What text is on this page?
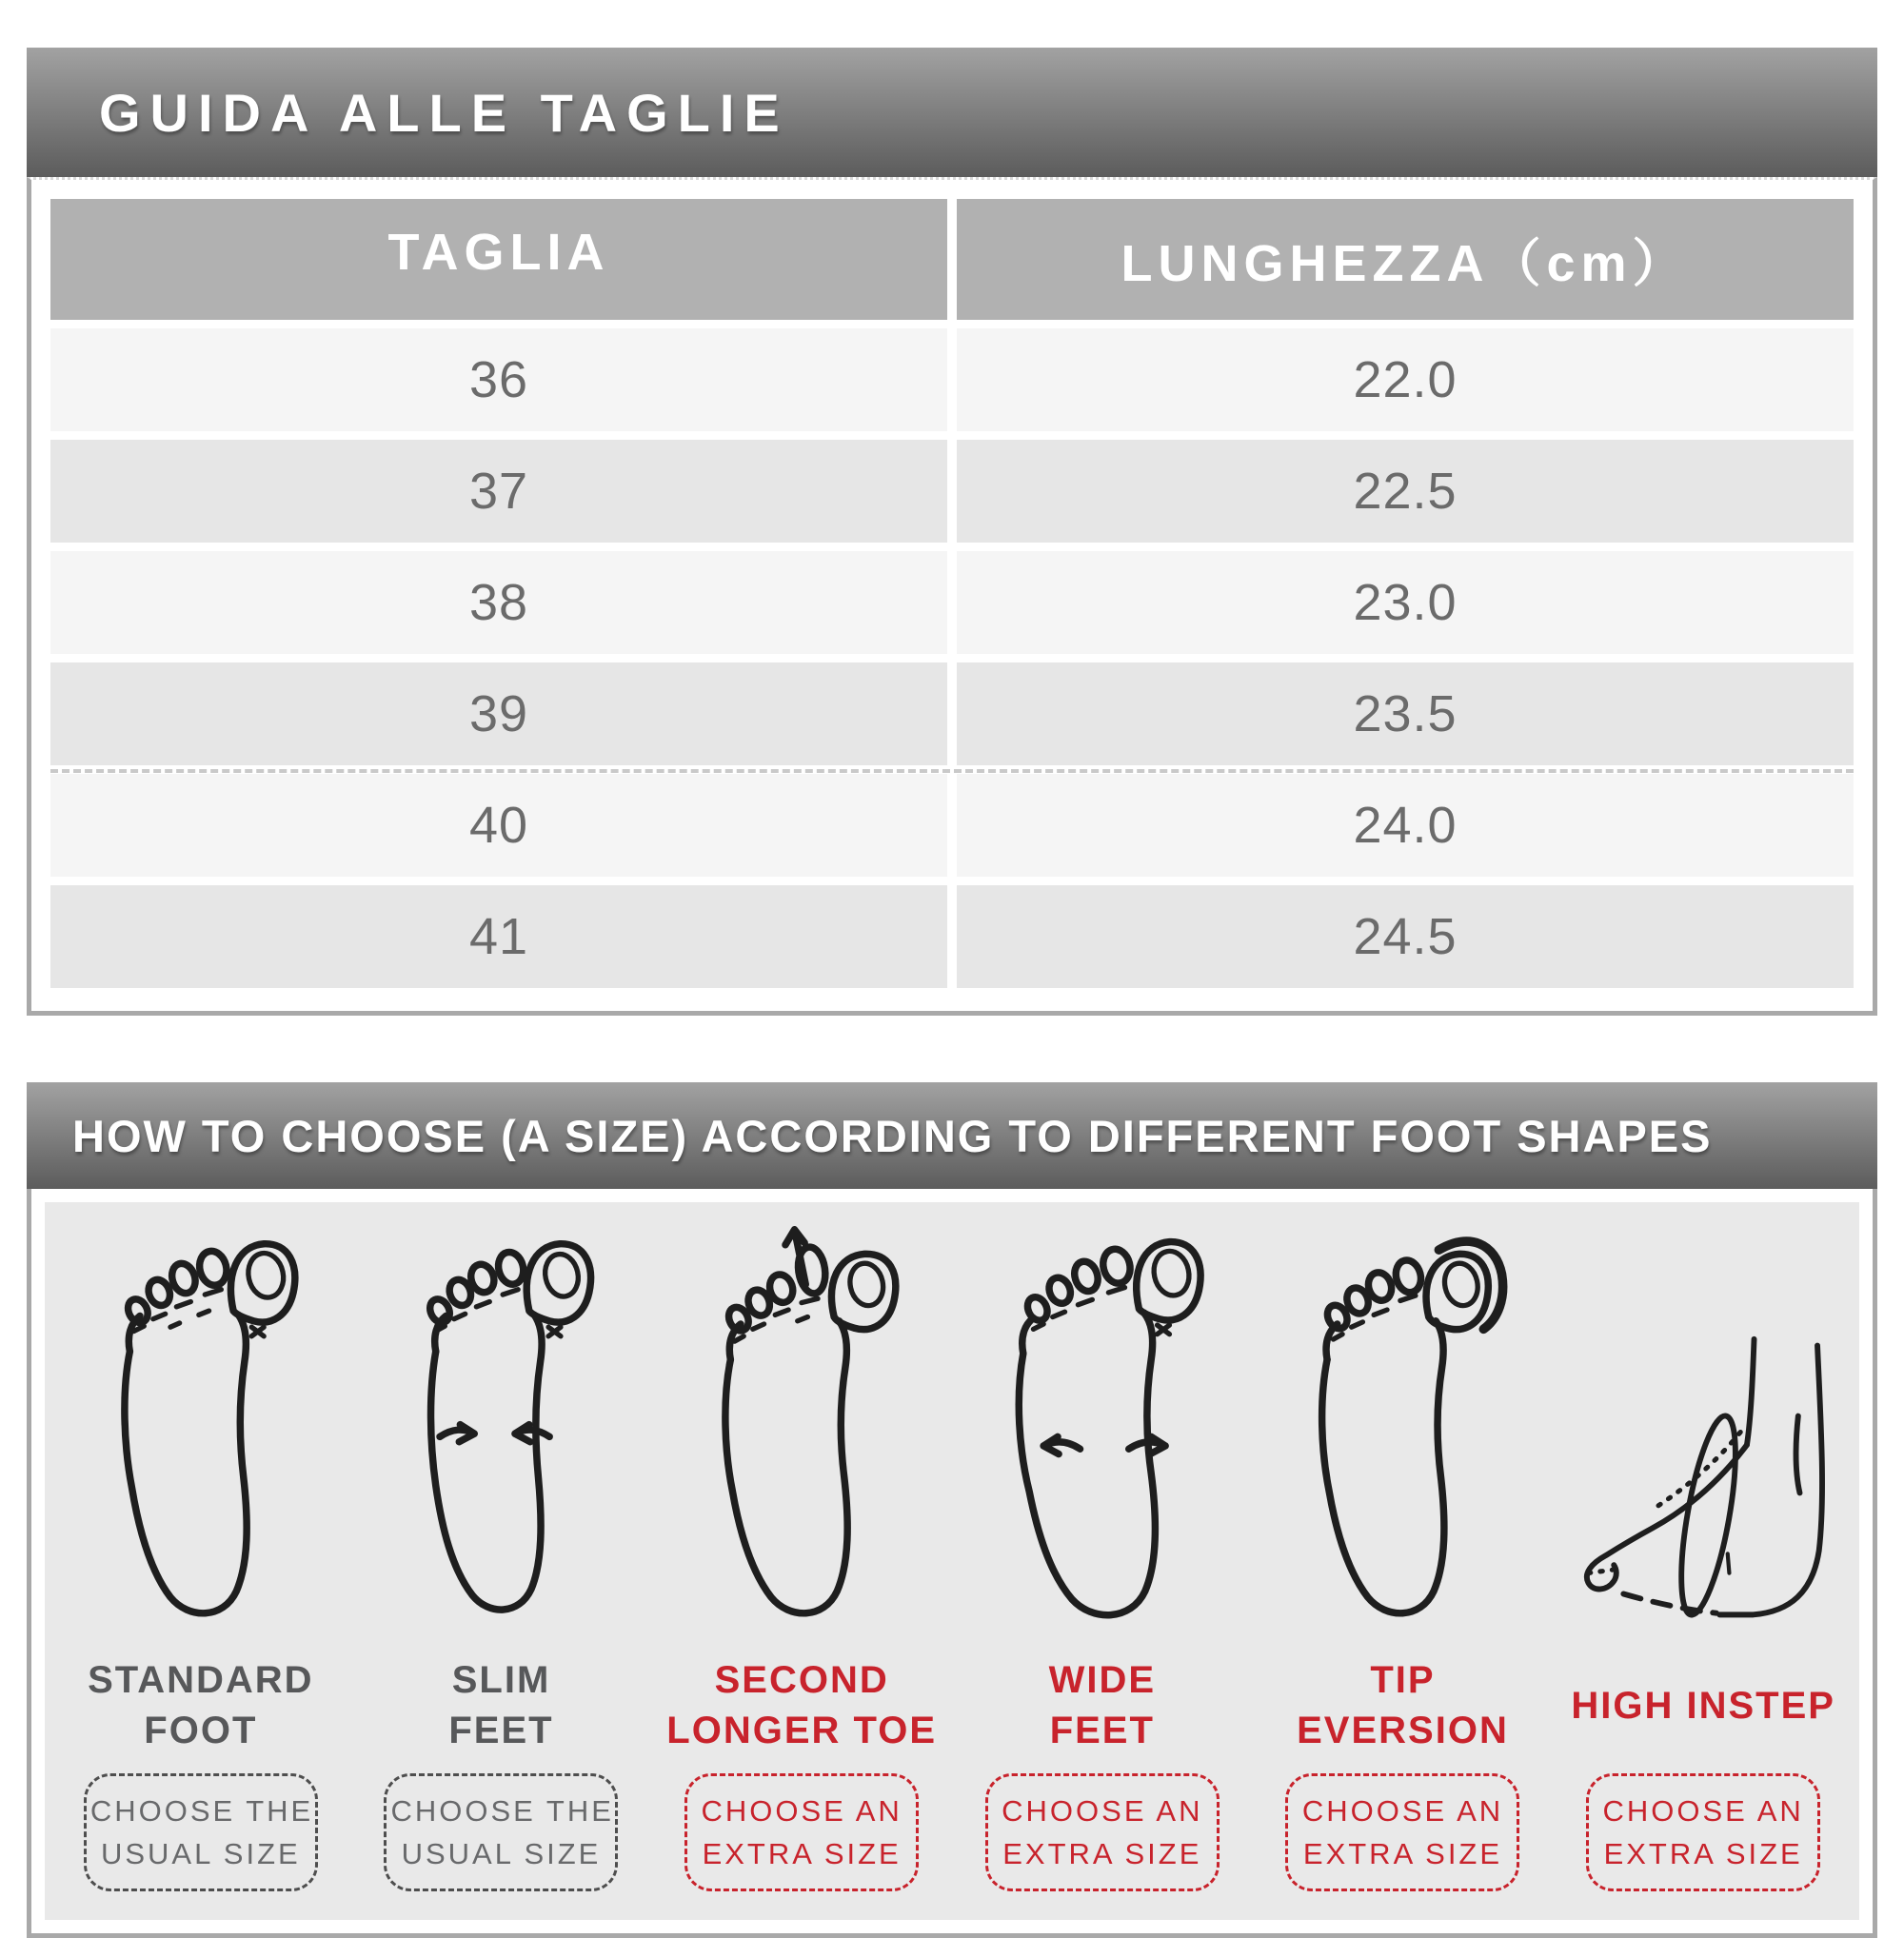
GUIDA ALLE TAGLIE
TAGLIA	LUNGHEZZA（cm）
36	22.0
37	22.5
38	23.0
39	23.5
40	24.0
41	24.5
HOW TO CHOOSE (A SIZE) ACCORDING TO DIFFERENT FOOT SHAPES
STANDARD
FOOT
CHOOSE THE
USUAL SIZE
SLIM
FEET
CHOOSE THE
USUAL SIZE
SECOND
LONGER TOE
CHOOSE AN
EXTRA SIZE
WIDE
FEET
CHOOSE AN
EXTRA SIZE
TIP
EVERSION
CHOOSE AN
EXTRA SIZE
HIGH INSTEP
CHOOSE AN
EXTRA SIZE
